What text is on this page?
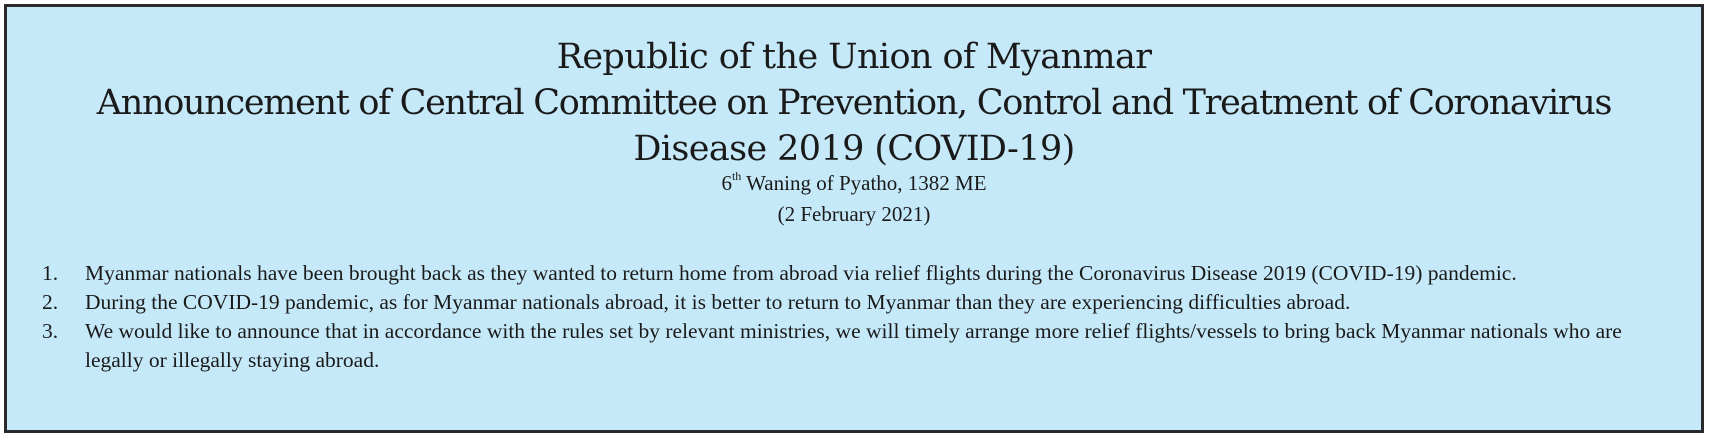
Republic of the Union of Myanmar
Announcement of Central Committee on Prevention, Control and Treatment of Coronavirus
Disease 2019 (COVID-19)

6th Waning of Pyatho, 1382 ME

(2 February 2021)

1. Myanmar nationals have been brought back as they wanted to return home from abroad via relief flights during the Coronavirus Disease 2019 (COVID-19) pandemic.
2. During the COVID-19 pandemic, as for Myanmar nationals abroad, it is better to return to Myanmar than they are experiencing difficulties abroad.
3. We would like to announce that in accordance with the rules set by relevant ministries, we will timely arrange more relief flights/vessels to bring back Myanmar nationals who are legally or illegally staying abroad.
